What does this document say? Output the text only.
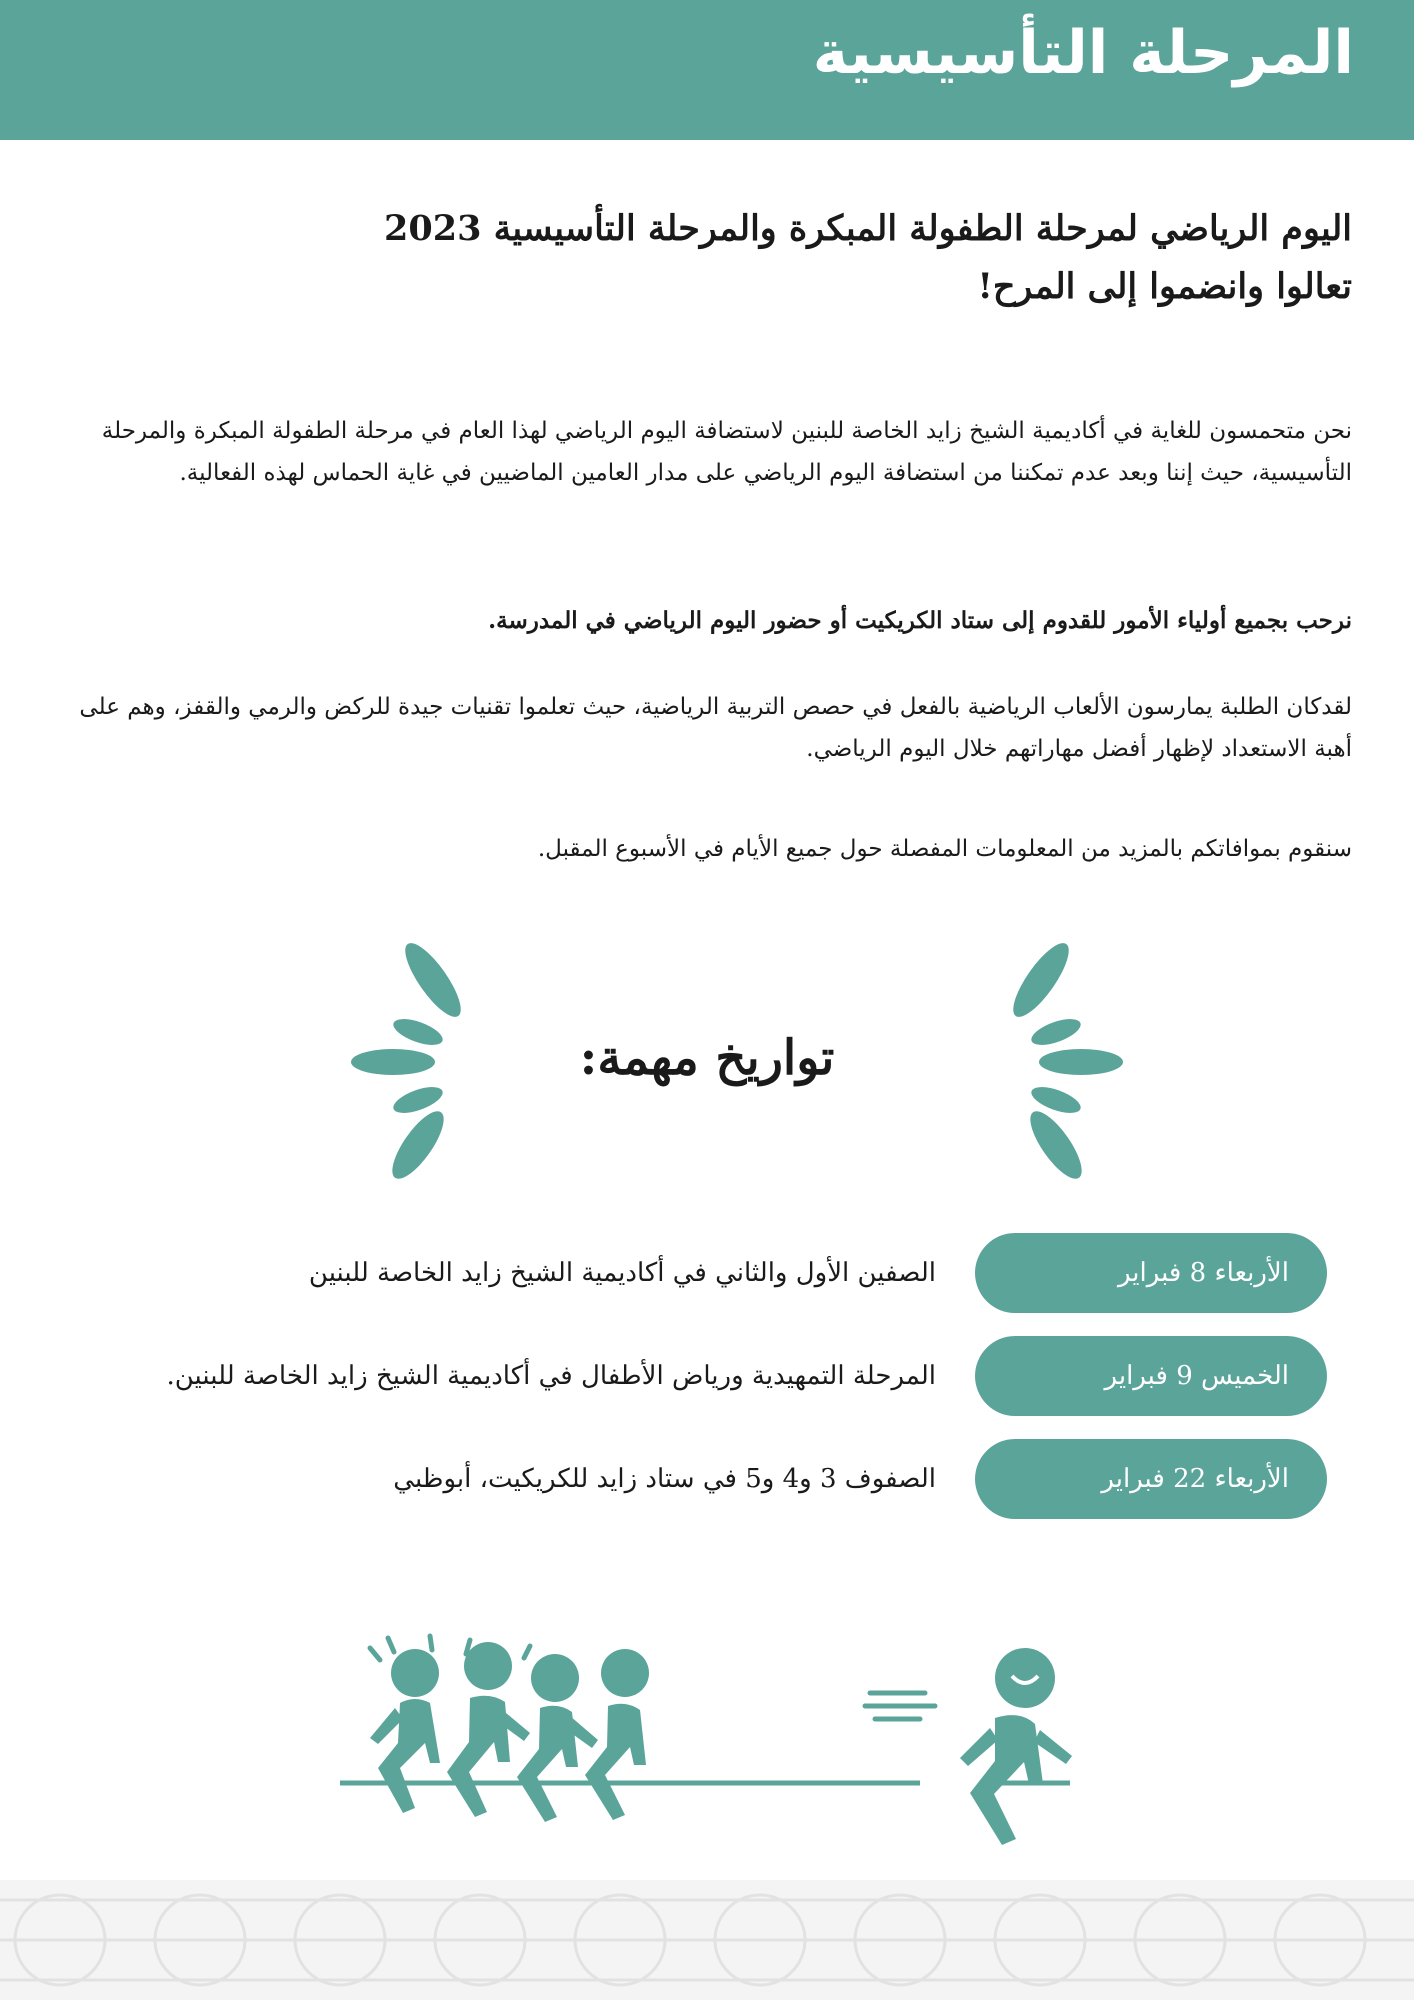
المرحلة التأسيسية
اليوم الرياضي لمرحلة الطفولة المبكرة والمرحلة التأسيسية 2023
تعالوا وانضموا إلى المرح!
نحن متحمسون للغاية في أكاديمية الشيخ زايد الخاصة للبنين لاستضافة اليوم الرياضي لهذا العام في مرحلة الطفولة المبكرة والمرحلة التأسيسية، حيث إننا وبعد عدم تمكننا من استضافة اليوم الرياضي على مدار العامين الماضيين في غاية الحماس لهذه الفعالية.
نرحب بجميع أولياء الأمور للقدوم إلى ستاد الكريكيت أو حضور اليوم الرياضي في المدرسة.
لقدكان الطلبة يمارسون الألعاب الرياضية بالفعل في حصص التربية الرياضية، حيث تعلموا تقنيات جيدة للركض والرمي والقفز، وهم على أهبة الاستعداد لإظهار أفضل مهاراتهم خلال اليوم الرياضي.
سنقوم بموافاتكم بالمزيد من المعلومات المفصلة حول جميع الأيام في الأسبوع المقبل.
تواريخ مهمة:
الأربعاء 8 فبراير
الصفين الأول والثاني في أكاديمية الشيخ زايد الخاصة للبنين
الخميس 9 فبراير
المرحلة التمهيدية ورياض الأطفال في أكاديمية الشيخ زايد الخاصة للبنين.
الأربعاء 22 فبراير
الصفوف 3 و4 و5 في ستاد زايد للكريكيت، أبوظبي
